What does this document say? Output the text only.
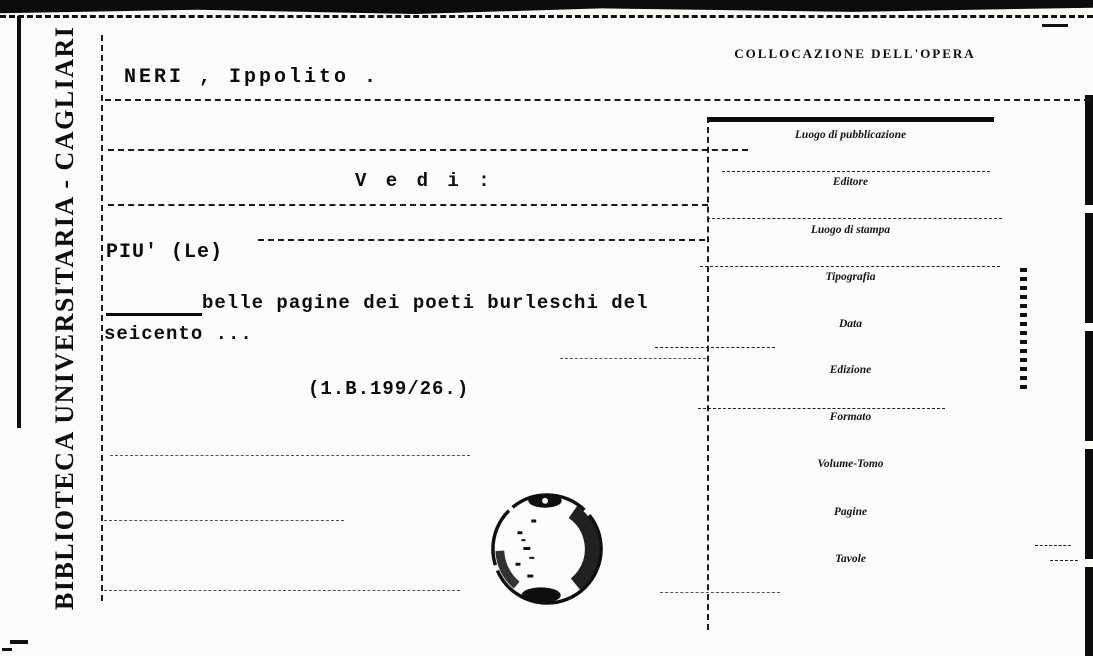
BIBLIOTECA UNIVERSITARIA - CAGLIARI	NERI , Ippolito .
V e d i :
PIU' (Le)
belle pagine dei poeti burleschi del
seicento ...
(1.B.199/26.)
COLLOCAZIONE DELL'OPERA
Luogo di pubblicazione
Editore
Luogo di stampa
Tipografia
Data
Edizione
Formato
Volume-Tomo
Pagine
Tavole
